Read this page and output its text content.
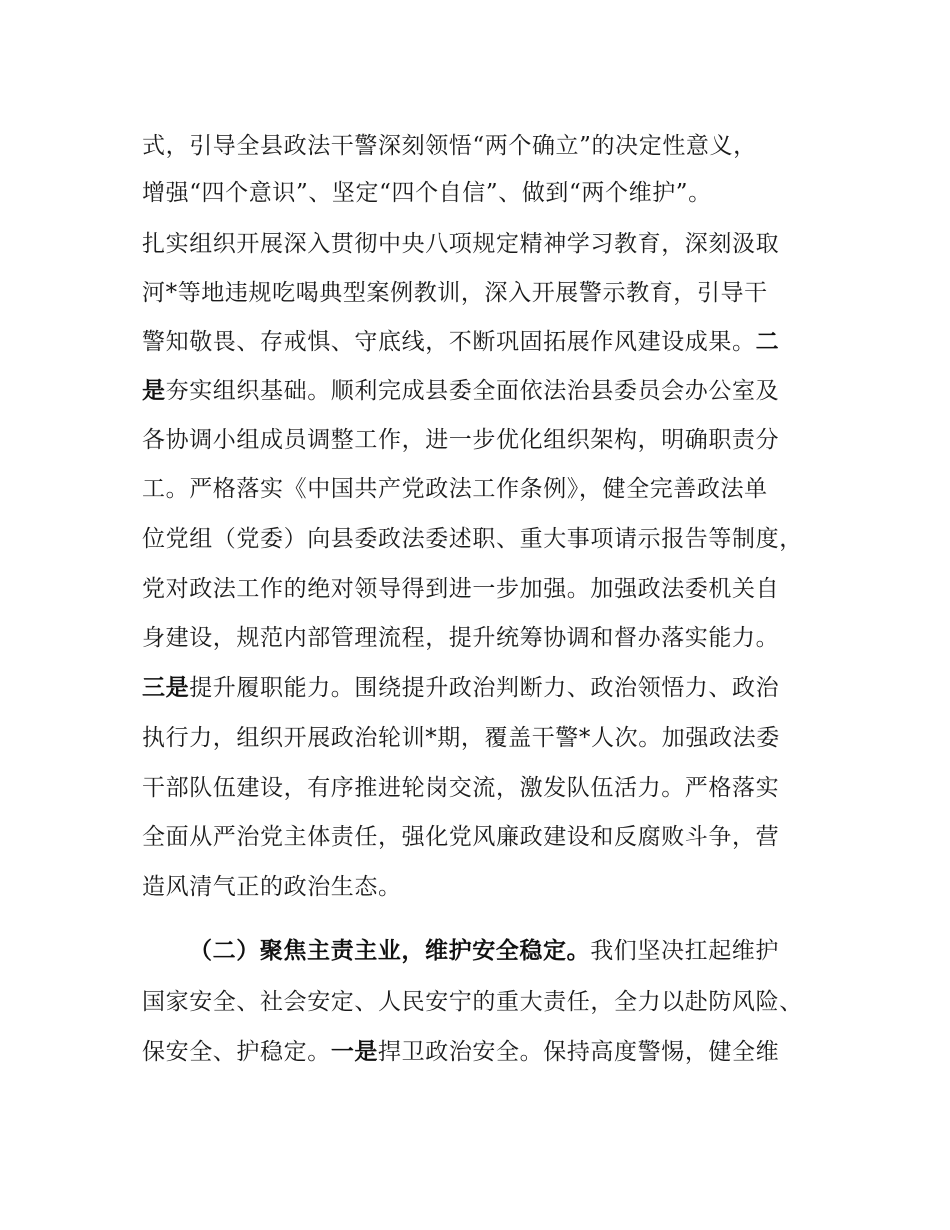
式，引导全县政法干警深刻领悟“两个确立”的决定性意义，
增强“四个意识”、坚定“四个自信”、做到“两个维护”。
扎实组织开展深入贯彻中央八项规定精神学习教育，深刻汲取
河*等地违规吃喝典型案例教训，深入开展警示教育，引导干
警知敬畏、存戒惧、守底线，不断巩固拓展作风建设成果。二
是夯实组织基础。顺利完成县委全面依法治县委员会办公室及
各协调小组成员调整工作，进一步优化组织架构，明确职责分
工。严格落实《中国共产党政法工作条例》，健全完善政法单
位党组（党委）向县委政法委述职、重大事项请示报告等制度，
党对政法工作的绝对领导得到进一步加强。加强政法委机关自
身建设，规范内部管理流程，提升统筹协调和督办落实能力。
三是提升履职能力。围绕提升政治判断力、政治领悟力、政治
执行力，组织开展政治轮训*期，覆盖干警*人次。加强政法委
干部队伍建设，有序推进轮岗交流，激发队伍活力。严格落实
全面从严治党主体责任，强化党风廉政建设和反腐败斗争，营
造风清气正的政治生态。
（二）聚焦主责主业，维护安全稳定。我们坚决扛起维护
国家安全、社会安定、人民安宁的重大责任，全力以赴防风险、
保安全、护稳定。一是捍卫政治安全。保持高度警惕，健全维
